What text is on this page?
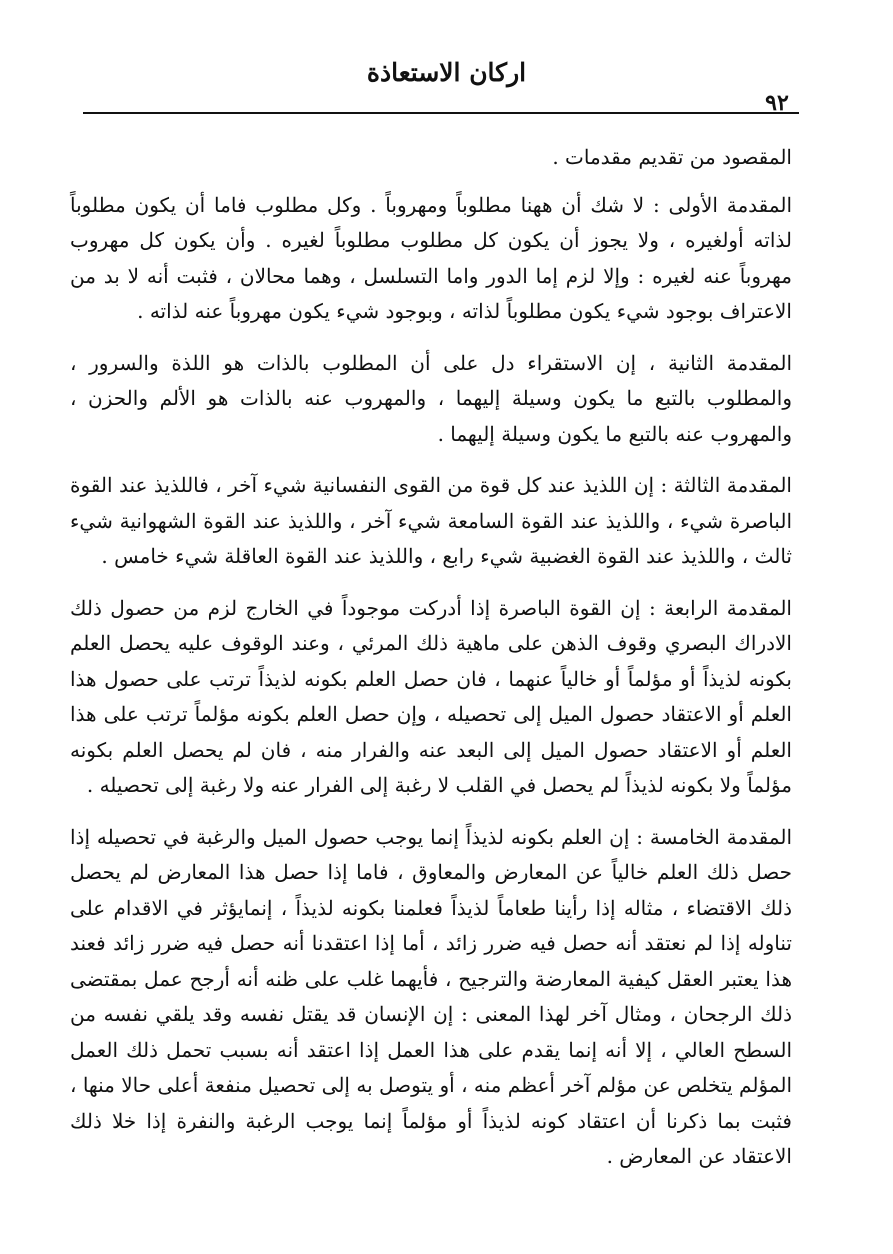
اركان الاستعاذة
٩٢

المقصود من تقديم مقدمات .

المقدمة الأولى : لا شك أن ههنا مطلوباً ومهروباً . وكل مطلوب فاما أن يكون مطلوباً لذاته أولغيره ، ولا يجوز أن يكون كل مطلوب مطلوباً لغيره . وأن يكون كل مهروب مهروباً عنه لغيره : وإلا لزم إما الدور واما التسلسل ، وهما محالان ، فثبت أنه لا بد من الاعتراف بوجود شيء يكون مطلوباً لذاته ، وبوجود شيء يكون مهروباً عنه لذاته .

المقدمة الثانية ، إن الاستقراء دل على أن المطلوب بالذات هو اللذة والسرور ، والمطلوب بالتبع ما يكون وسيلة إليهما ، والمهروب عنه بالذات هو الألم والحزن ، والمهروب عنه بالتبع ما يكون وسيلة إليهما .

المقدمة الثالثة : إن اللذيذ عند كل قوة من القوى النفسانية شيء آخر ، فاللذيذ عند القوة الباصرة شيء ، واللذيذ عند القوة السامعة شيء آخر ، واللذيذ عند القوة الشهوانية شيء ثالث ، واللذيذ عند القوة الغضبية شيء رابع ، واللذيذ عند القوة العاقلة شيء خامس .

المقدمة الرابعة : إن القوة الباصرة إذا أدركت موجوداً في الخارج لزم من حصول ذلك الادراك البصري وقوف الذهن على ماهية ذلك المرئي ، وعند الوقوف عليه يحصل العلم بكونه لذيذاً أو مؤلماً أو خالياً عنهما ، فان حصل العلم بكونه لذيذاً ترتب على حصول هذا العلم أو الاعتقاد حصول الميل إلى تحصيله ، وإن حصل العلم بكونه مؤلماً ترتب على هذا العلم أو الاعتقاد حصول الميل إلى البعد عنه والفرار منه ، فان لم يحصل العلم بكونه مؤلماً ولا بكونه لذيذاً لم يحصل في القلب لا رغبة إلى الفرار عنه ولا رغبة إلى تحصيله .

المقدمة الخامسة : إن العلم بكونه لذيذاً إنما يوجب حصول الميل والرغبة في تحصيله إذا حصل ذلك العلم خالياً عن المعارض والمعاوق ، فاما إذا حصل هذا المعارض لم يحصل ذلك الاقتضاء ، مثاله إذا رأينا طعاماً لذيذاً فعلمنا بكونه لذيذاً ، إنمايؤثر في الاقدام على تناوله إذا لم نعتقد أنه حصل فيه ضرر زائد ، أما إذا اعتقدنا أنه حصل فيه ضرر زائد فعند هذا يعتبر العقل كيفية المعارضة والترجيح ، فأيهما غلب على ظنه أنه أرجح عمل بمقتضى ذلك الرجحان ، ومثال آخر لهذا المعنى : إن الإنسان قد يقتل نفسه وقد يلقي نفسه من السطح العالي ، إلا أنه إنما يقدم على هذا العمل إذا اعتقد أنه بسبب تحمل ذلك العمل المؤلم يتخلص عن مؤلم آخر أعظم منه ، أو يتوصل به إلى تحصيل منفعة أعلى حالا منها ، فثبت بما ذكرنا أن اعتقاد كونه لذيذاً أو مؤلماً إنما يوجب الرغبة والنفرة إذا خلا ذلك الاعتقاد عن المعارض .
